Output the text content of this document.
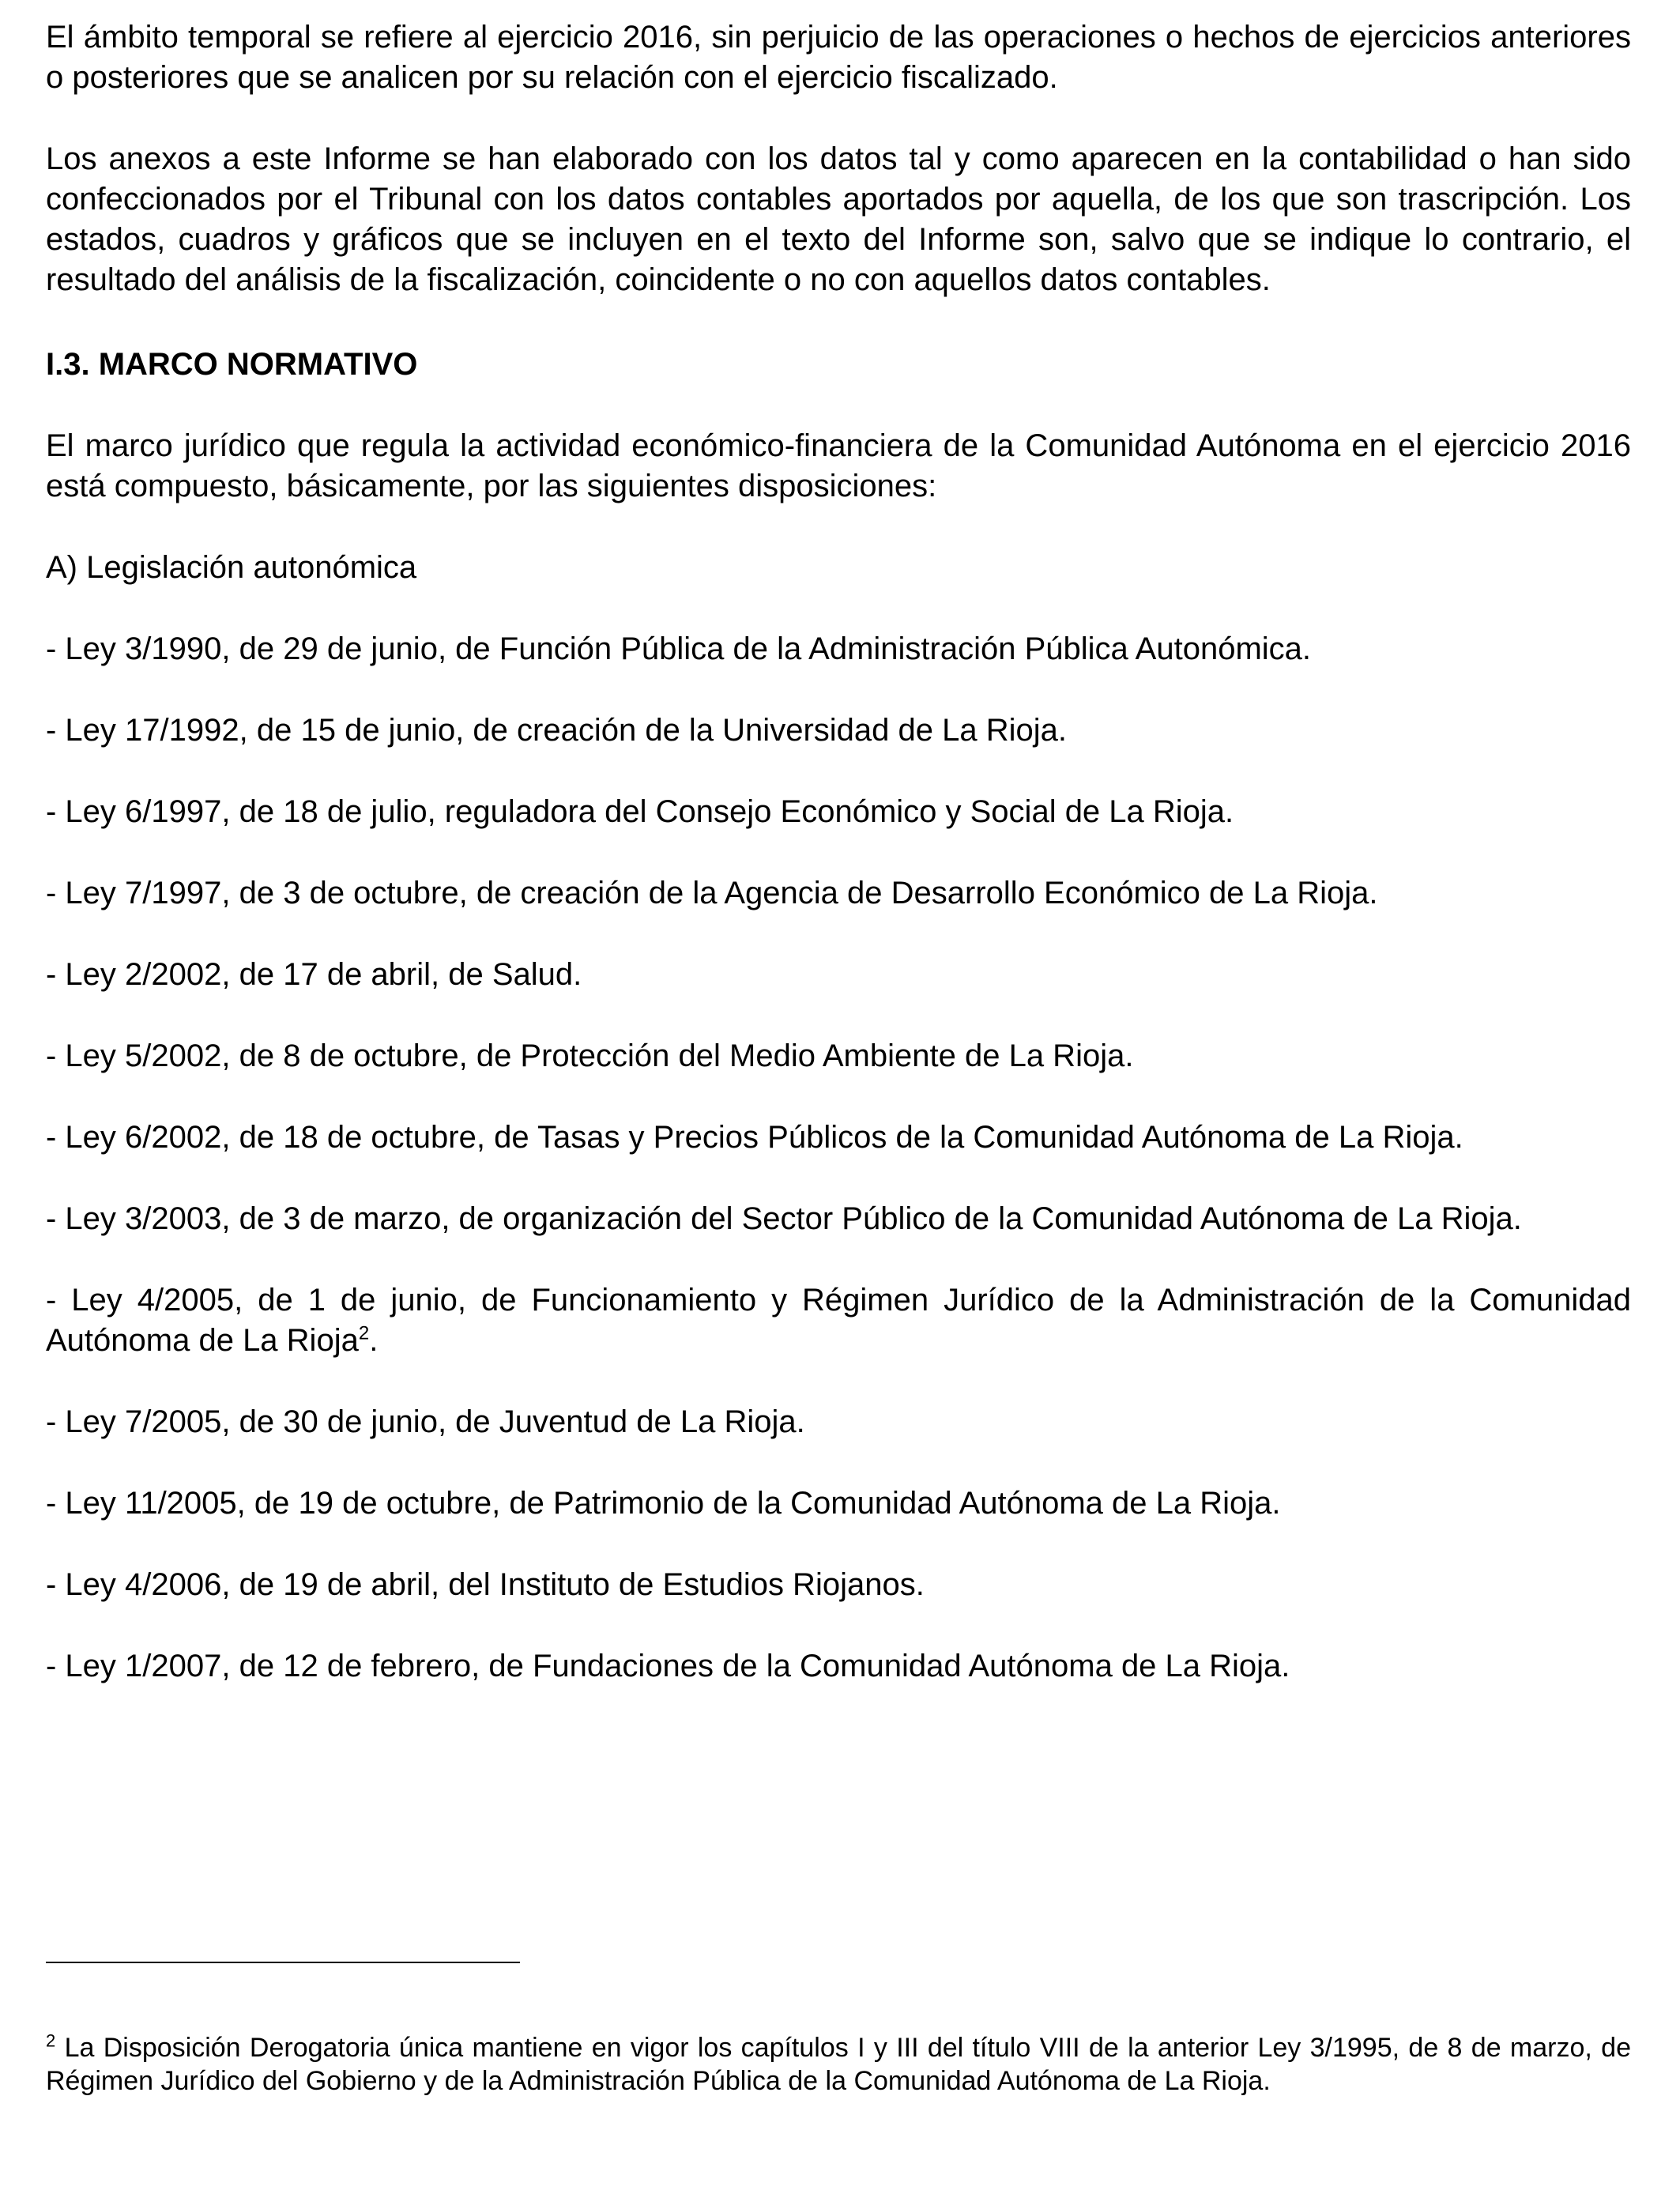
El ámbito temporal se refiere al ejercicio 2016, sin perjuicio de las operaciones o hechos de ejercicios anteriores o posteriores que se analicen por su relación con el ejercicio fiscalizado.

Los anexos a este Informe se han elaborado con los datos tal y como aparecen en la contabilidad o han sido confeccionados por el Tribunal con los datos contables aportados por aquella, de los que son trascripción. Los estados, cuadros y gráficos que se incluyen en el texto del Informe son, salvo que se indique lo contrario, el resultado del análisis de la fiscalización, coincidente o no con aquellos datos contables.

I.3. MARCO NORMATIVO

El marco jurídico que regula la actividad económico-financiera de la Comunidad Autónoma en el ejercicio 2016 está compuesto, básicamente, por las siguientes disposiciones:

A) Legislación autonómica

- Ley 3/1990, de 29 de junio, de Función Pública de la Administración Pública Autonómica.

- Ley 17/1992, de 15 de junio, de creación de la Universidad de La Rioja.

- Ley 6/1997, de 18 de julio, reguladora del Consejo Económico y Social de La Rioja.

- Ley 7/1997, de 3 de octubre, de creación de la Agencia de Desarrollo Económico de La Rioja.

- Ley 2/2002, de 17 de abril, de Salud.

- Ley 5/2002, de 8 de octubre, de Protección del Medio Ambiente de La Rioja.

- Ley 6/2002, de 18 de octubre, de Tasas y Precios Públicos de la Comunidad Autónoma de La Rioja.

- Ley 3/2003, de 3 de marzo, de organización del Sector Público de la Comunidad Autónoma de La Rioja.

- Ley 4/2005, de 1 de junio, de Funcionamiento y Régimen Jurídico de la Administración de la Comunidad Autónoma de La Rioja$^2$.

- Ley 7/2005, de 30 de junio, de Juventud de La Rioja.

- Ley 11/2005, de 19 de octubre, de Patrimonio de la Comunidad Autónoma de La Rioja.

- Ley 4/2006, de 19 de abril, del Instituto de Estudios Riojanos.

- Ley 1/2007, de 12 de febrero, de Fundaciones de la Comunidad Autónoma de La Rioja.

$^2$ La Disposición Derogatoria única mantiene en vigor los capítulos I y III del título VIII de la anterior Ley 3/1995, de 8 de marzo, de Régimen Jurídico del Gobierno y de la Administración Pública de la Comunidad Autónoma de La Rioja.
